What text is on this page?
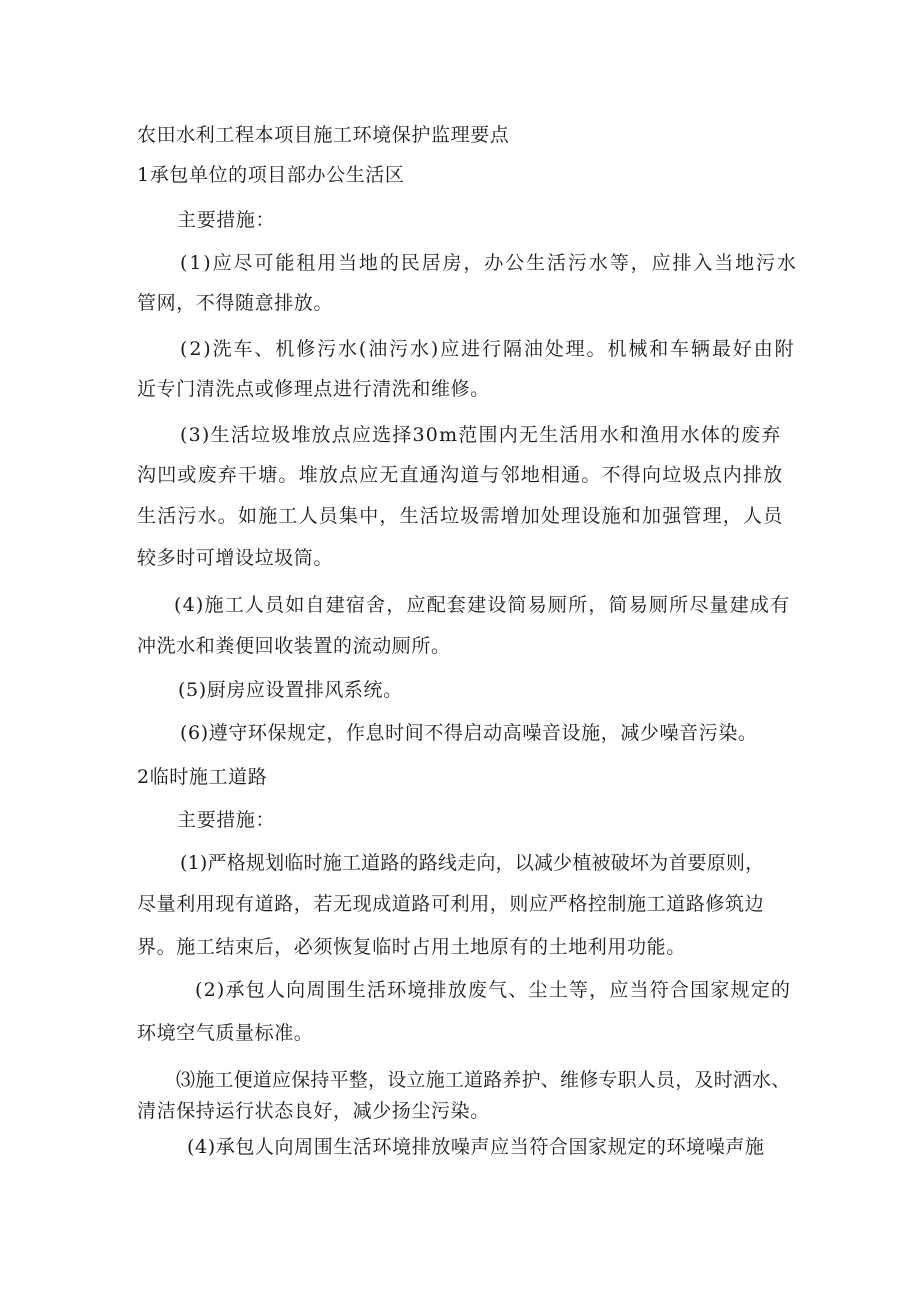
农田水利工程本项目施工环境保护监理要点
1承包单位的项目部办公生活区
主要措施：
(1)应尽可能租用当地的民居房，办公生活污水等，应排入当地污水
管网，不得随意排放。
(2)洗车、机修污水(油污水)应进行隔油处理。机械和车辆最好由附
近专门清洗点或修理点进行清洗和维修。
(3)生活垃圾堆放点应选择30m范围内无生活用水和渔用水体的废弃
沟凹或废弃干塘。堆放点应无直通沟道与邻地相通。不得向垃圾点内排放
生活污水。如施工人员集中，生活垃圾需增加处理设施和加强管理，人员
较多时可增设垃圾筒。
(4)施工人员如自建宿舍，应配套建设简易厕所，简易厕所尽量建成有
冲洗水和粪便回收装置的流动厕所。
(5)厨房应设置排风系统。
(6)遵守环保规定，作息时间不得启动高噪音设施，减少噪音污染。
2临时施工道路
主要措施：
(1)严格规划临时施工道路的路线走向，以减少植被破坏为首要原则，
尽量利用现有道路，若无现成道路可利用，则应严格控制施工道路修筑边
界。施工结束后，必须恢复临时占用土地原有的土地利用功能。
(2)承包人向周围生活环境排放废气、尘土等，应当符合国家规定的
环境空气质量标准。
⑶施工便道应保持平整，设立施工道路养护、维修专职人员，及时洒水、
清洁保持运行状态良好，减少扬尘污染。
(4)承包人向周围生活环境排放噪声应当符合国家规定的环境噪声施
